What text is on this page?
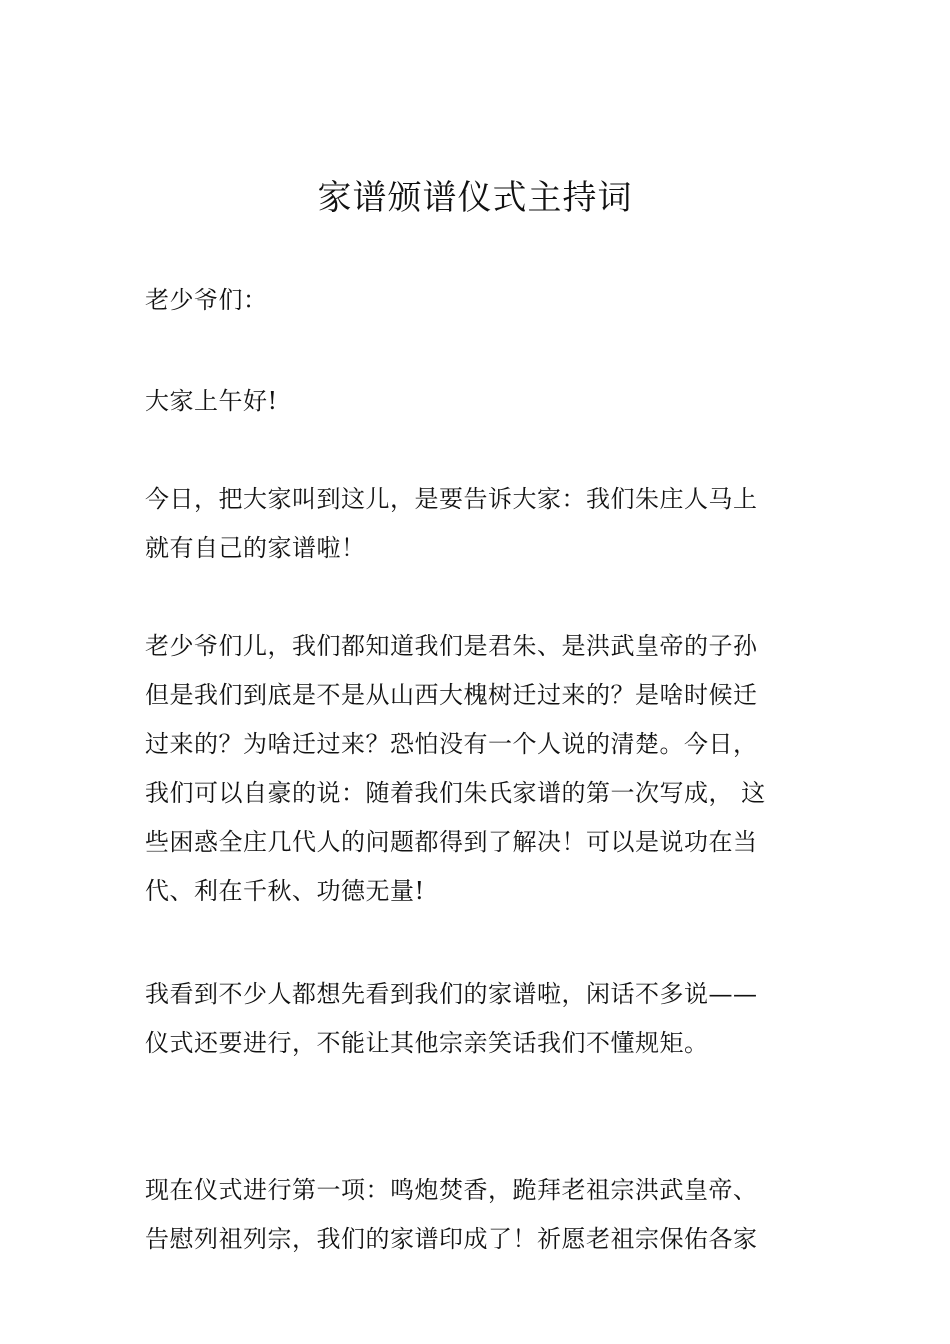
家谱颁谱仪式主持词

老少爷们：

大家上午好!

今日，把大家叫到这儿，是要告诉大家：我们朱庄人马上
就有自己的家谱啦！

老少爷们儿，我们都知道我们是君朱、是洪武皇帝的子孙
但是我们到底是不是从山西大槐树迁过来的？是啥时候迁
过来的？为啥迁过来？恐怕没有一个人说的清楚。今日，
我们可以自豪的说：随着我们朱氏家谱的第一次写成， 这
些困惑全庄几代人的问题都得到了解决！可以是说功在当
代、利在千秋、功德无量!

我看到不少人都想先看到我们的家谱啦，闲话不多说——
仪式还要进行，不能让其他宗亲笑话我们不懂规矩。

现在仪式进行第一项：鸣炮焚香，跪拜老祖宗洪武皇帝、
告慰列祖列宗，我们的家谱印成了！祈愿老祖宗保佑各家
